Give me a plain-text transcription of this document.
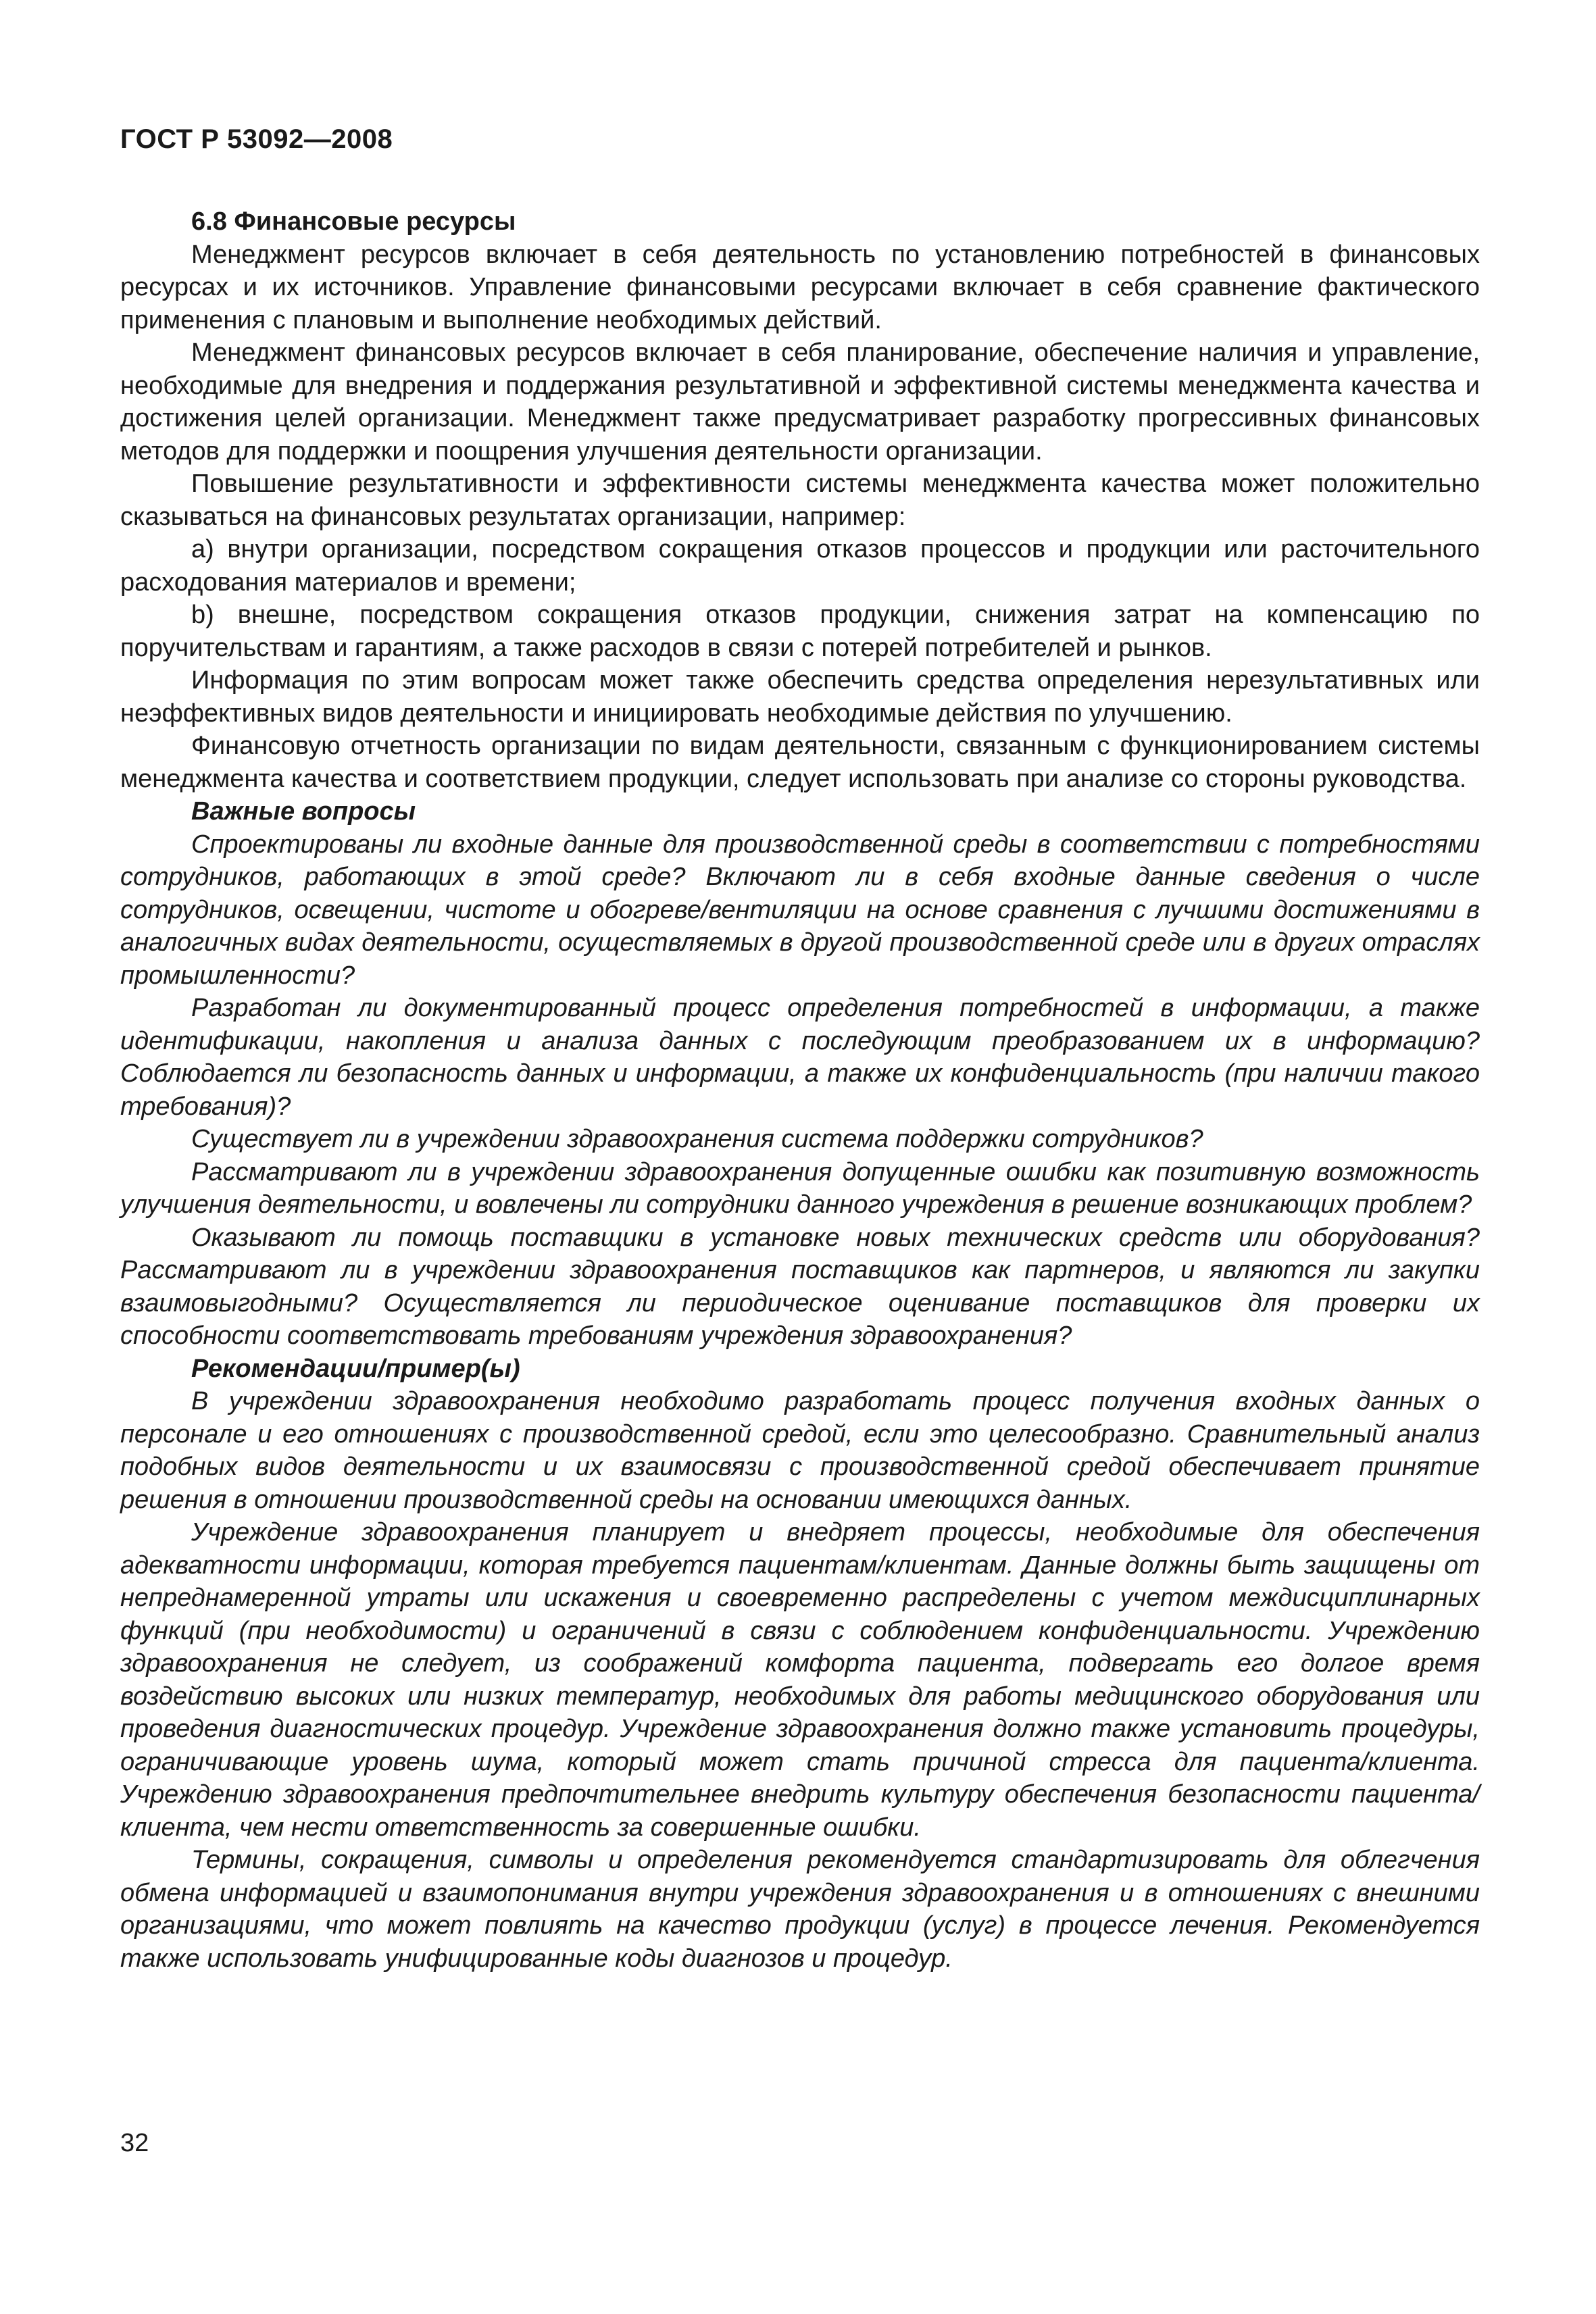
ГОСТ Р 53092—2008

6.8 Финансовые ресурсы

Менеджмент ресурсов включает в себя деятельность по установлению потребностей в финансовых ресурсах и их источников. Управление финансовыми ресурсами включает в себя сравнение фактического применения с плановым и выполнение необходимых действий.

Менеджмент финансовых ресурсов включает в себя планирование, обеспечение наличия и управление, необходимые для внедрения и поддержания результативной и эффективной системы менеджмента качества и достижения целей организации. Менеджмент также предусматривает разработку прогрессивных финансовых методов для поддержки и поощрения улучшения деятельности организации.

Повышение результативности и эффективности системы менеджмента качества может положительно сказываться на финансовых результатах организации, например:

а) внутри организации, посредством сокращения отказов процессов и продукции или расточительного расходования материалов и времени;

b) внешне, посредством сокращения отказов продукции, снижения затрат на компенсацию по поручительствам и гарантиям, а также расходов в связи с потерей потребителей и рынков.

Информация по этим вопросам может также обеспечить средства определения нерезультативных или неэффективных видов деятельности и инициировать необходимые действия по улучшению.

Финансовую отчетность организации по видам деятельности, связанным с функционированием системы менеджмента качества и соответствием продукции, следует использовать при анализе со стороны руководства.

Важные вопросы

Спроектированы ли входные данные для производственной среды в соответствии с потребностями сотрудников, работающих в этой среде? Включают ли в себя входные данные сведения о числе сотрудников, освещении, чистоте и обогреве/вентиляции на основе сравнения с лучшими достижениями в аналогичных видах деятельности, осуществляемых в другой производственной среде или в других отраслях промышленности?

Разработан ли документированный процесс определения потребностей в информации, а также идентификации, накопления и анализа данных с последующим преобразованием их в информацию? Соблюдается ли безопасность данных и информации, а также их конфиденциальность (при наличии такого требования)?

Существует ли в учреждении здравоохранения система поддержки сотрудников?

Рассматривают ли в учреждении здравоохранения допущенные ошибки как позитивную возможность улучшения деятельности, и вовлечены ли сотрудники данного учреждения в решение возникающих проблем?

Оказывают ли помощь поставщики в установке новых технических средств или оборудования? Рассматривают ли в учреждении здравоохранения поставщиков как партнеров, и являются ли закупки взаимовыгодными? Осуществляется ли периодическое оценивание поставщиков для проверки их способности соответствовать требованиям учреждения здравоохранения?

Рекомендации/пример(ы)

В учреждении здравоохранения необходимо разработать процесс получения входных данных о персонале и его отношениях с производственной средой, если это целесообразно. Сравнительный анализ подобных видов деятельности и их взаимосвязи с производственной средой обеспечивает принятие решения в отношении производственной среды на основании имеющихся данных.

Учреждение здравоохранения планирует и внедряет процессы, необходимые для обеспечения адекватности информации, которая требуется пациентам/клиентам. Данные должны быть защищены от непреднамеренной утраты или искажения и своевременно распределены с учетом междисциплинарных функций (при необходимости) и ограничений в связи с соблюдением конфиденциальности. Учреждению здравоохранения не следует, из соображений комфорта пациента, подвергать его долгое время воздействию высоких или низких температур, необходимых для работы медицинского оборудования или проведения диагностических процедур. Учреждение здравоохранения должно также установить процедуры, ограничивающие уровень шума, который может стать причиной стресса для пациента/клиента. Учреждению здравоохранения предпочтительнее внедрить культуру обеспечения безопасности пациента/клиента, чем нести ответственность за совершенные ошибки.

Термины, сокращения, символы и определения рекомендуется стандартизировать для облегчения обмена информацией и взаимопонимания внутри учреждения здравоохранения и в отношениях с внешними организациями, что может повлиять на качество продукции (услуг) в процессе лечения. Рекомендуется также использовать унифицированные коды диагнозов и процедур.

32
